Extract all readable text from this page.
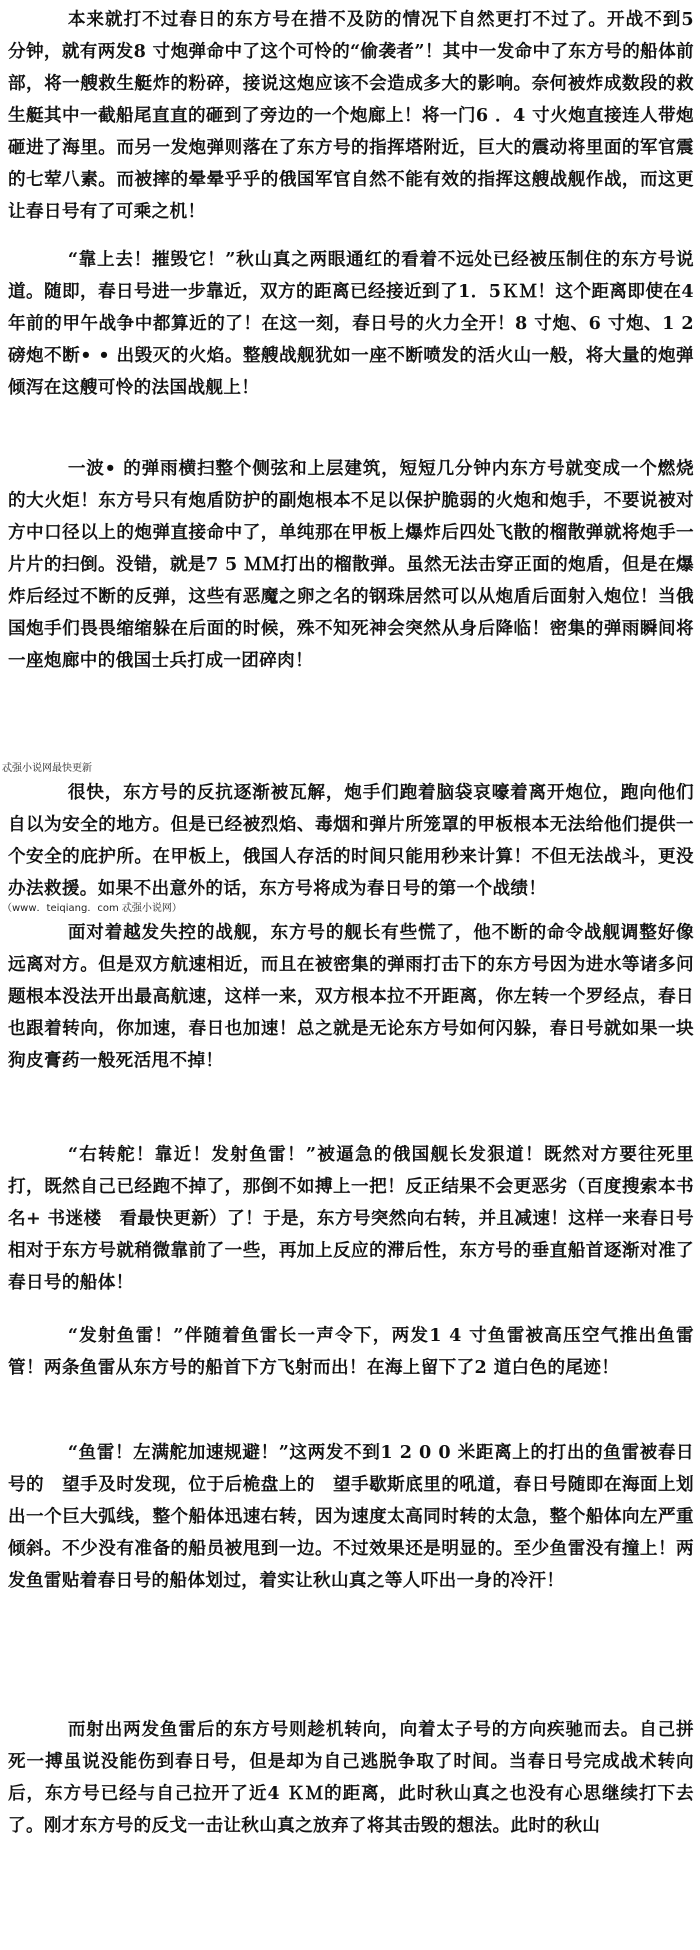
本来就打不过春日的东方号在措不及防的情况下自然更打不过了。开战不到5 分钟，就有两发8 寸炮弹命中了这个可怜的“偷袭者”！其中一发命中了东方号的船体前部，将一艘救生艇炸的粉碎，接说这炮应该不会造成多大的影响。奈何被炸成数段的救生艇其中一截船尾直直的砸到了旁边的一个炮廊上！将一门6 ．4 寸火炮直接连人带炮砸进了海里。而另一发炮弹则落在了东方号的指挥塔附近，巨大的震动将里面的军官震的七荤八素。而被摔的晕晕乎乎的俄国军官自然不能有效的指挥这艘战舰作战，而这更让春日号有了可乘之机！

“靠上去！摧毁它！”秋山真之两眼通红的看着不远处已经被压制住的东方号说道。随即，春日号进一步靠近，双方的距离已经接近到了1．5ＫＭ！这个距离即使在4 年前的甲午战争中都算近的了！在这一刻，春日号的火力全开！8 寸炮、6 寸炮、1 2 磅炮不断• • 出毁灭的火焰。整艘战舰犹如一座不断喷发的活火山一般，将大量的炮弹倾泻在这艘可怜的法国战舰上！

一波• 的弹雨横扫整个侧弦和上层建筑，短短几分钟内东方号就变成一个燃烧的大火炬！东方号只有炮盾防护的副炮根本不足以保护脆弱的火炮和炮手，不要说被对方中口径以上的炮弹直接命中了，单纯那在甲板上爆炸后四处飞散的榴散弹就将炮手一片片的扫倒。没错，就是7 5 ＭＭ打出的榴散弹。虽然无法击穿正面的炮盾，但是在爆炸后经过不断的反弹，这些有恶魔之卵之名的钢珠居然可以从炮盾后面射入炮位！当俄国炮手们畏畏缩缩躲在后面的时候，殊不知死神会突然从身后降临！密集的弹雨瞬间将一座炮廊中的俄国士兵打成一团碎肉！

忒强小说网最快更新

很快，东方号的反抗逐渐被瓦解，炮手们跑着脑袋哀嚎着离开炮位，跑向他们自以为安全的地方。但是已经被烈焰、毒烟和弹片所笼罩的甲板根本无法给他们提供一个安全的庇护所。在甲板上，俄国人存活的时间只能用秒来计算！不但无法战斗，更没办法救援。如果不出意外的话，东方号将成为春日号的第一个战绩！

（www．teiqiang．com 忒强小说网）

面对着越发失控的战舰，东方号的舰长有些慌了，他不断的命令战舰调整好像远离对方。但是双方航速相近，而且在被密集的弹雨打击下的东方号因为进水等诸多问题根本没法开出最高航速，这样一来，双方根本拉不开距离，你左转一个罗经点，春日也跟着转向，你加速，春日也加速！总之就是无论东方号如何闪躲，春日号就如果一块狗皮膏药一般死活甩不掉！

“右转舵！靠近！发射鱼雷！”被逼急的俄国舰长发狠道！既然对方要往死里打，既然自己已经跑不掉了，那倒不如搏上一把！反正结果不会更恶劣（百度搜索本书名+ 书迷楼　看最快更新）了！于是，东方号突然向右转，并且减速！这样一来春日号相对于东方号就稍微靠前了一些，再加上反应的滞后性，东方号的垂直船首逐渐对准了春日号的船体！

“发射鱼雷！”伴随着鱼雷长一声令下，两发1 4 寸鱼雷被高压空气推出鱼雷管！两条鱼雷从东方号的船首下方飞射而出！在海上留下了2 道白色的尾迹！

“鱼雷！左满舵加速规避！”这两发不到1 2 0 0 米距离上的打出的鱼雷被春日号的　望手及时发现，位于后桅盘上的　望手歇斯底里的吼道，春日号随即在海面上划出一个巨大弧线，整个船体迅速右转，因为速度太高同时转的太急，整个船体向左严重倾斜。不少没有准备的船员被甩到一边。不过效果还是明显的。至少鱼雷没有撞上！两发鱼雷贴着春日号的船体划过，着实让秋山真之等人吓出一身的冷汗！

而射出两发鱼雷后的东方号则趁机转向，向着太子号的方向疾驰而去。自己拼死一搏虽说没能伤到春日号，但是却为自己逃脱争取了时间。当春日号完成战术转向后，东方号已经与自己拉开了近4 ＫＭ的距离，此时秋山真之也没有心思继续打下去了。刚才东方号的反戈一击让秋山真之放弃了将其击毁的想法。此时的秋山
